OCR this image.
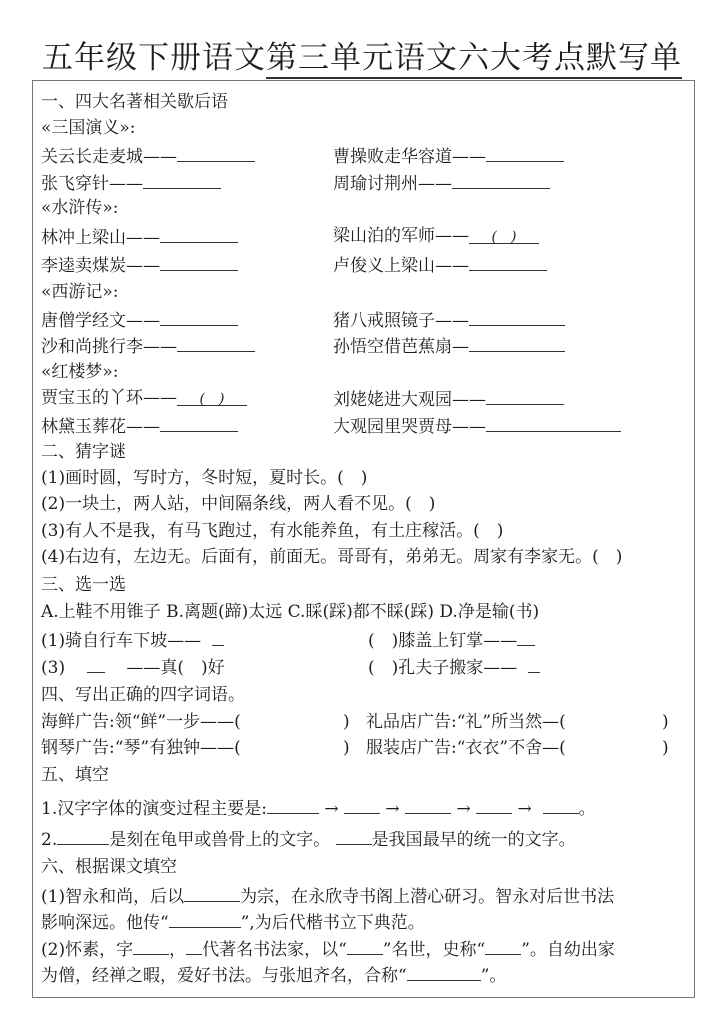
五年级下册语文第三单元语文六大考点默写单
一、四大名著相关歇后语
«三国演义»:
关云长走麦城——	曹操败走华容道——
张飞穿针——	周瑜讨荆州——
«水浒传»:
林冲上梁山——	梁山泊的军师—— (　)
李逵卖煤炭——	卢俊义上梁山——
«西游记»:
唐僧学经文——	猪八戒照镜子——
沙和尚挑行李——	孙悟空借芭蕉扇—
«红楼梦»:
贾宝玉的丫环—— (　)	刘姥姥进大观园——
林黛玉葬花——	大观园里哭贾母——
二、猜字谜
(1)画时圆，写时方，冬时短，夏时长。(　)
(2)一块土，两人站，中间隔条线，两人看不见。(　)
(3)有人不是我，有马飞跑过，有水能养鱼，有土庄稼活。(　)
(4)右边有，左边无。后面有，前面无。哥哥有，弟弟无。周家有李家无。(　)
三、选一选
A.上鞋不用锥子 B.离题(蹄)太远 C.睬(踩)都不睬(踩) D.净是输(书)
(1)骑自行车下坡——	(　)膝盖上钉掌——
(3)	——真(　)好	(　)孔夫子搬家——
四、写出正确的四字词语。
海鲜广告:领“鲜”一步——(	) 礼品店广告:“礼”所当然—(	)
钢琴广告:“琴”有独钟——(	) 服装店广告:“衣衣”不舍—(	)
五、填空
1.汉字字体的演变过程主要是:	→	→	→	→	。
2.	是刻在龟甲或兽骨上的文字。 是我国最早的统一的文字。
六、根据课文填空
(1)智永和尚，后以	为宗，在永欣寺书阁上潜心研习。智永对后世书法
影响深远。他传“	”,为后代楷书立下典范。
(2)怀素，字 ， 代著名书法家，以“ ”名世，史称“ ”。自幼出家
为僧，经禅之暇，爱好书法。与张旭齐名，合称“	”。
